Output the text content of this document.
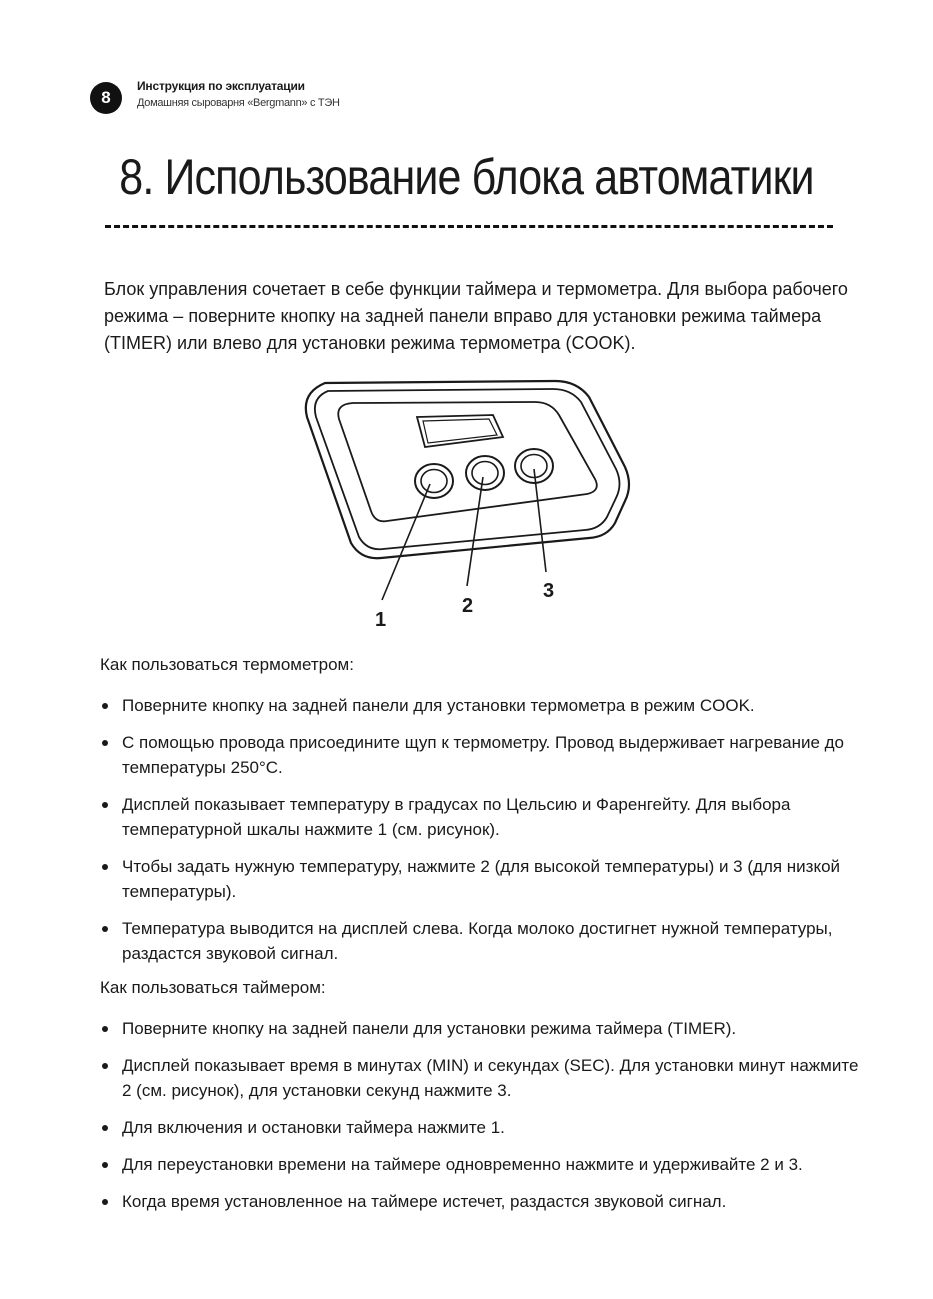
8
Инструкция по эксплуатации
Домашняя сыроварня «Bergmann» с ТЭН
8. Использование блока автоматики

Блок управления сочетает в себе функции таймера и термометра. Для выбора рабочего режима – поверните кнопку на задней панели вправо для установки режима таймера (TIMER) или влево для установки режима термометра (COOK).

1
2
3

Как пользоваться термометром:

Поверните кнопку на задней панели для установки термометра в режим COOK.
С помощью провода присоедините щуп к термометру. Провод выдерживает нагревание до температуры 250°С.
Дисплей показывает температуру в градусах по Цельсию и Фаренгейту. Для выбора температурной шкалы нажмите 1 (см. рисунок).
Чтобы задать нужную температуру, нажмите 2 (для высокой температуры) и 3 (для низкой температуры).
Температура выводится на дисплей слева. Когда молоко достигнет нужной температуры, раздастся звуковой сигнал.

Как пользоваться таймером:

Поверните кнопку на задней панели для установки режима таймера (TIMER).
Дисплей показывает время в минутах (MIN) и секундах (SEC). Для установки минут нажмите 2 (см. рисунок), для установки секунд нажмите 3.
Для включения и остановки таймера нажмите 1.
Для переустановки времени на таймере одновременно нажмите и удерживайте 2 и 3.
Когда время установленное на таймере истечет, раздастся звуковой сигнал.
